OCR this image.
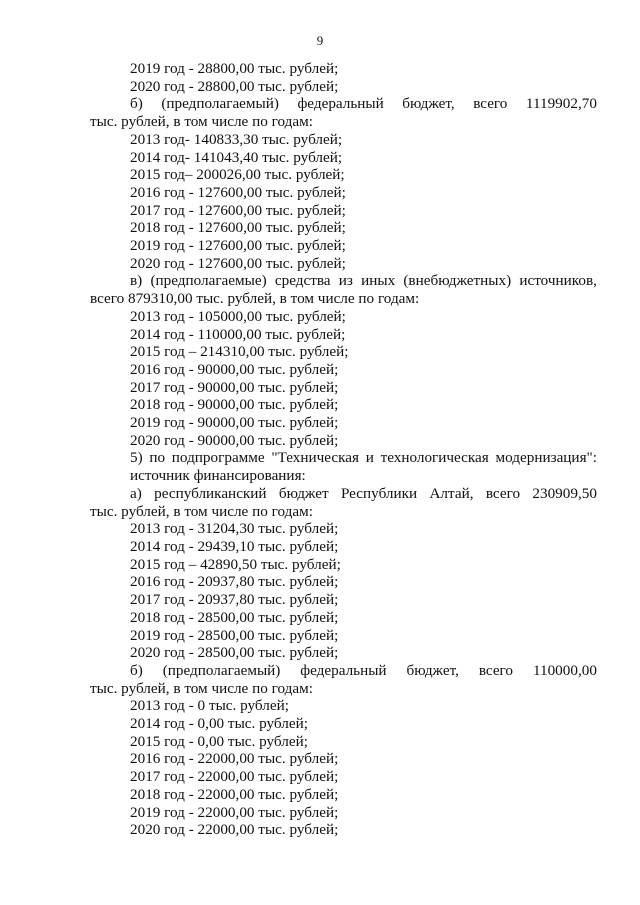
9
2019 год - 28800,00 тыс. рублей;
2020 год - 28800,00 тыс. рублей;
б) (предполагаемый) федеральный бюджет, всего 1119902,70
тыс. рублей, в том числе по годам:
2013 год- 140833,30 тыс. рублей;
2014 год- 141043,40 тыс. рублей;
2015 год– 200026,00 тыс. рублей;
2016 год - 127600,00 тыс. рублей;
2017 год - 127600,00 тыс. рублей;
2018 год - 127600,00 тыс. рублей;
2019 год - 127600,00 тыс. рублей;
2020 год - 127600,00 тыс. рублей;
в) (предполагаемые) средства из иных (внебюджетных) источников,
всего 879310,00 тыс. рублей, в том числе по годам:
2013 год - 105000,00 тыс. рублей;
2014 год - 110000,00 тыс. рублей;
2015 год – 214310,00 тыс. рублей;
2016 год - 90000,00 тыс. рублей;
2017 год - 90000,00 тыс. рублей;
2018 год - 90000,00 тыс. рублей;
2019 год - 90000,00 тыс. рублей;
2020 год - 90000,00 тыс. рублей;
5) по подпрограмме "Техническая и технологическая модернизация":
источник финансирования:
а) республиканский бюджет Республики Алтай, всего 230909,50
тыс. рублей, в том числе по годам:
2013 год - 31204,30 тыс. рублей;
2014 год - 29439,10 тыс. рублей;
2015 год – 42890,50 тыс. рублей;
2016 год - 20937,80 тыс. рублей;
2017 год - 20937,80 тыс. рублей;
2018 год - 28500,00 тыс. рублей;
2019 год - 28500,00 тыс. рублей;
2020 год - 28500,00 тыс. рублей;
б) (предполагаемый) федеральный бюджет, всего 110000,00
тыс. рублей, в том числе по годам:
2013 год - 0 тыс. рублей;
2014 год - 0,00 тыс. рублей;
2015 год - 0,00 тыс. рублей;
2016 год - 22000,00 тыс. рублей;
2017 год - 22000,00 тыс. рублей;
2018 год - 22000,00 тыс. рублей;
2019 год - 22000,00 тыс. рублей;
2020 год - 22000,00 тыс. рублей;
